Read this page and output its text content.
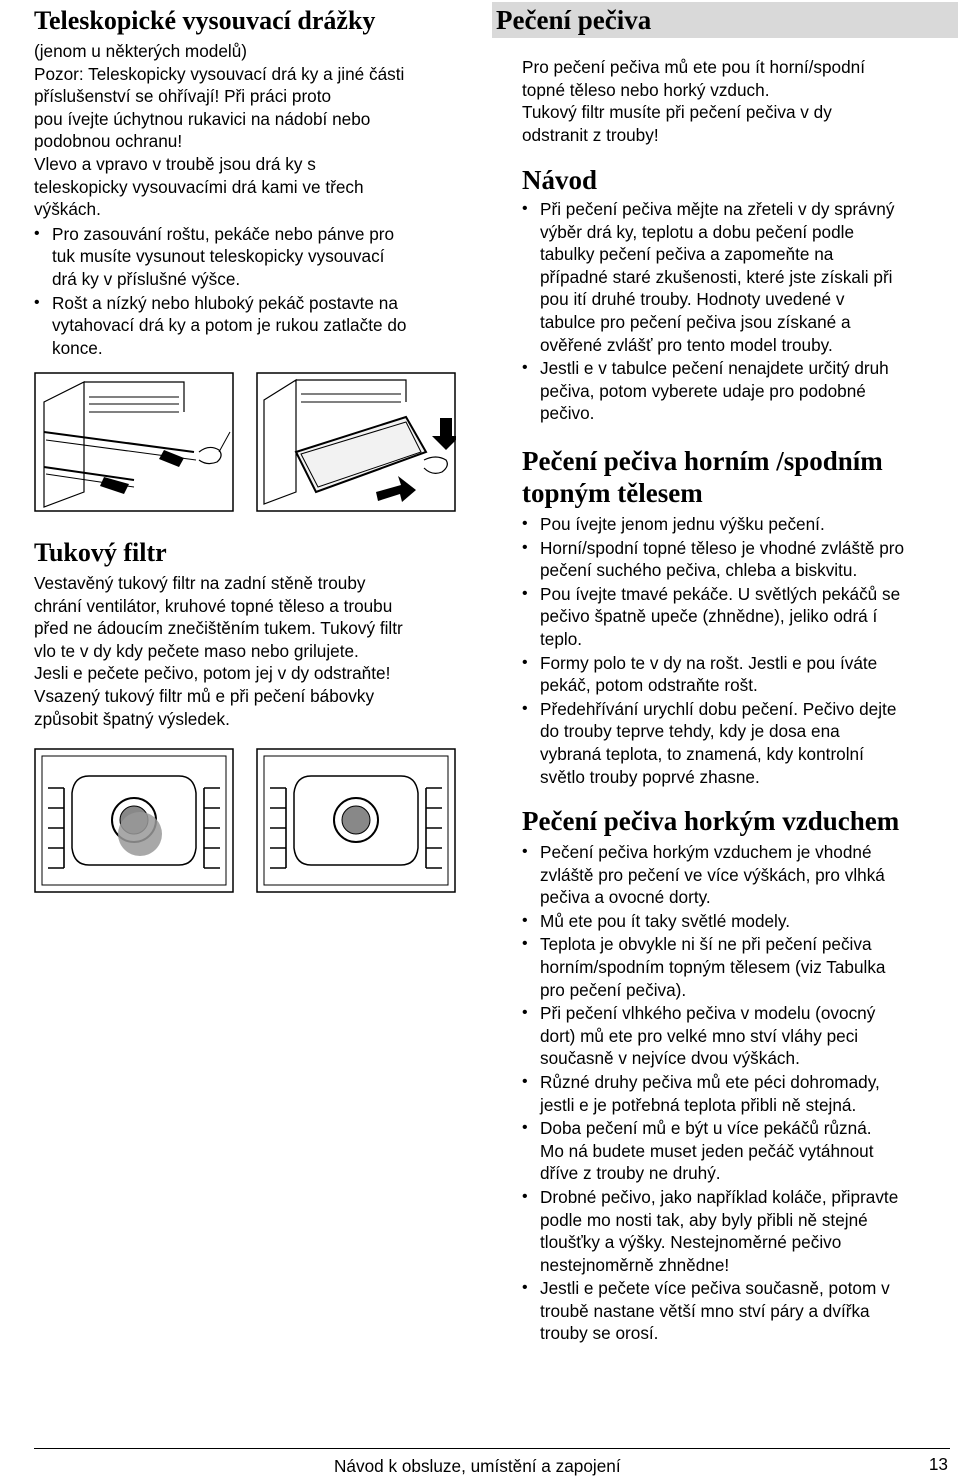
Teleskopické vysouvací drážky

(jenom u některých modelů)
Pozor: Teleskopicky vysouvací drá ky a jiné části
příslušenství se ohřívají! Při práci proto
pou ívejte úchytnou rukavici na nádobí nebo
podobnou ochranu!
Vlevo a vpravo v troubě jsou drá ky s
teleskopicky vysouvacími drá kami ve třech
výškách.

• Pro zasouvání roštu, pekáče nebo pánve pro
tuk musíte vysunout teleskopicky vysouvací
drá ky v příslušné výšce.
• Rošt a nízký nebo hluboký pekáč postavte na
vytahovací drá ky a potom je rukou zatlačte do
konce.
Tukový filtr

Vestavěný tukový filtr na zadní stěně trouby
chrání ventilátor, kruhové topné těleso a troubu
před ne ádoucím znečištěním tukem. Tukový filtr
vlo te v dy kdy pečete maso nebo grilujete.
Jesli e pečete pečivo, potom jej v dy odstraňte!
Vsazený tukový filtr mů e při pečení bábovky
způsobit špatný výsledek.

Pečení pečiva

Pro pečení pečiva mů ete pou ít horní/spodní
topné těleso nebo horký vzduch.
Tukový filtr musíte při pečení pečiva v dy
odstranit z trouby!

Návod
• Při pečení pečiva mějte na zřeteli v dy správný
výběr drá ky, teplotu a dobu pečení podle
tabulky pečení pečiva a zapomeňte na
případné staré zkušenosti, které jste získali při
pou ití druhé trouby. Hodnoty uvedené v
tabulce pro pečení pečiva jsou získané a
ověřené zvlášť pro tento model trouby.
• Jestli e v tabulce pečení nenajdete určitý druh
pečiva, potom vyberete udaje pro podobné
pečivo.
Pečení pečiva horním /spodním
topným tělesem
• Pou ívejte jenom jednu výšku pečení.
• Horní/spodní topné těleso je vhodné zvláště pro
pečení suchého pečiva, chleba a biskvitu.
• Pou ívejte tmavé pekáče. U světlých pekáčů se
pečivo špatně upeče (zhnědne), jeliko odrá í
teplo.
• Formy polo te v dy na rošt. Jestli e pou íváte
pekáč, potom odstraňte rošt.
• Předehřívání urychlí dobu pečení. Pečivo dejte
do trouby teprve tehdy, kdy je dosa ena
vybraná teplota, to znamená, kdy kontrolní
světlo trouby poprvé zhasne.
Pečení pečiva horkým vzduchem
• Pečení pečiva horkým vzduchem je vhodné
zvláště pro pečení ve více výškách, pro vlhká
pečiva a ovocné dorty.
• Mů ete pou ít taky světlé modely.
• Teplota je obvykle ni ší ne při pečení pečiva
horním/spodním topným tělesem (viz Tabulka
pro pečení pečiva).
• Při pečení vlhkého pečiva v modelu (ovocný
dort) mů ete pro velké mno ství vláhy peci
současně v nejvíce dvou výškách.
• Různé druhy pečiva mů ete péci dohromady,
jestli e je potřebná teplota přibli ně stejná.
• Doba pečení mů e být u více pekáčů různá.
Mo ná budete muset jeden pečáč vytáhnout
dříve z trouby ne druhý.
• Drobné pečivo, jako například koláče, připravte
podle mo nosti tak, aby byly přibli ně stejné
tloušťky a výšky. Nestejnoměrné pečivo
nestejnoměrně zhnědne!
• Jestli e pečete více pečiva současně, potom v
troubě nastane větší mno ství páry a dvířka
trouby se orosí.
Návod k obsluze, umístění a zapojení	13
